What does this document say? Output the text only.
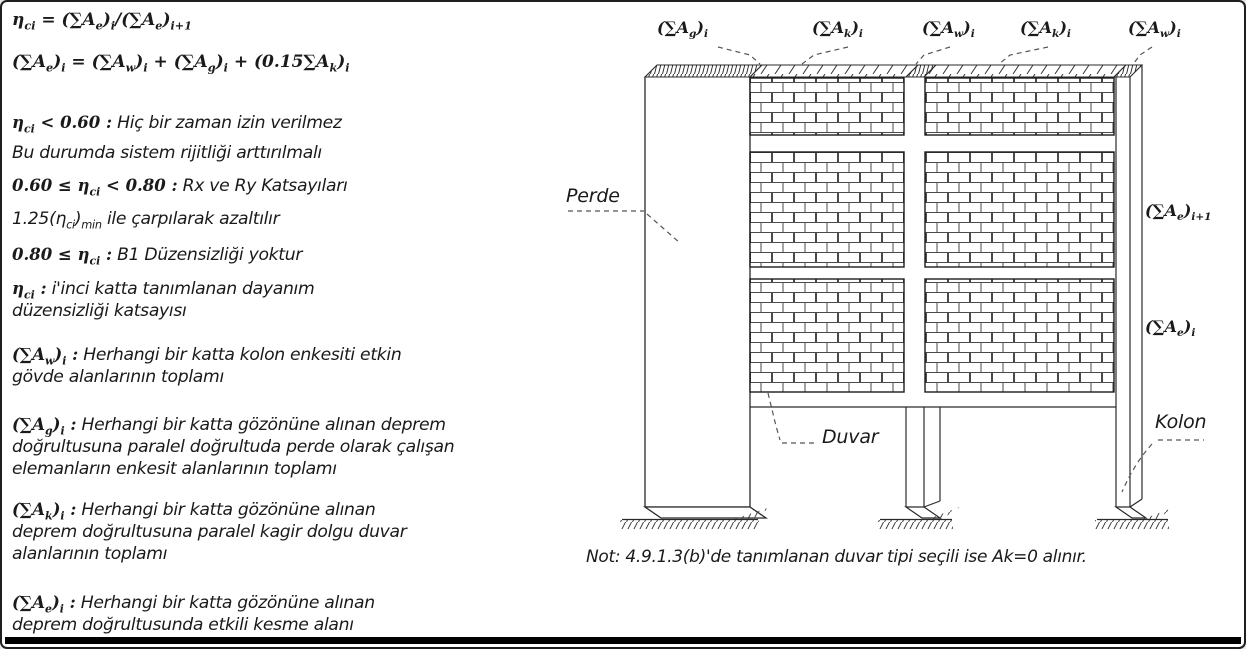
$\eta_{ci} = (\sum A_e)_i/(\sum A_e)_{i+1}$
$(\sum A_e)_i = (\sum A_w)_i + (\sum A_g)_i + (0.15\sum A_k)_i$
$\eta_{ci} < 0.60$ : Hiç bir zaman izin verilmez
Bu durumda sistem rijitliği arttırılmalı
$0.60 \le \eta_{ci} < 0.80$ : Rx ve Ry Katsayıları
$1.25(\eta_{ci})_{min}$ ile çarpılarak azaltılır
$0.80 \le \eta_{ci}$ : B1 Düzensizliği yoktur
$\eta_{ci}$ : i'inci katta tanımlanan dayanım düzensizliği katsayısı
$(\sum A_w)_i$ : Herhangi bir katta kolon enkesiti etkin gövde alanlarının toplamı
$(\sum A_g)_i$ : Herhangi bir katta gözönüne alınan deprem doğrultusuna paralel doğrultuda perde olarak çalışan elemanların enkesit alanlarının toplamı
$(\sum A_k)_i$ : Herhangi bir katta gözönüne alınan deprem doğrultusuna paralel kagir dolgu duvar alanlarının toplamı
$(\sum A_e)_i$ : Herhangi bir katta gözönüne alınan deprem doğrultusunda etkili kesme alanı
$(\sum A_g)_i$	$(\sum A_k)_i$	$(\sum A_w)_i$	$(\sum A_k)_i$	$(\sum A_w)_i$
$(\sum A_e)_{i+1}$
$(\sum A_e)_i$
Perde
Duvar
Kolon
Not: 4.9.1.3(b)'de tanımlanan duvar tipi seçili ise Ak=0 alınır.
